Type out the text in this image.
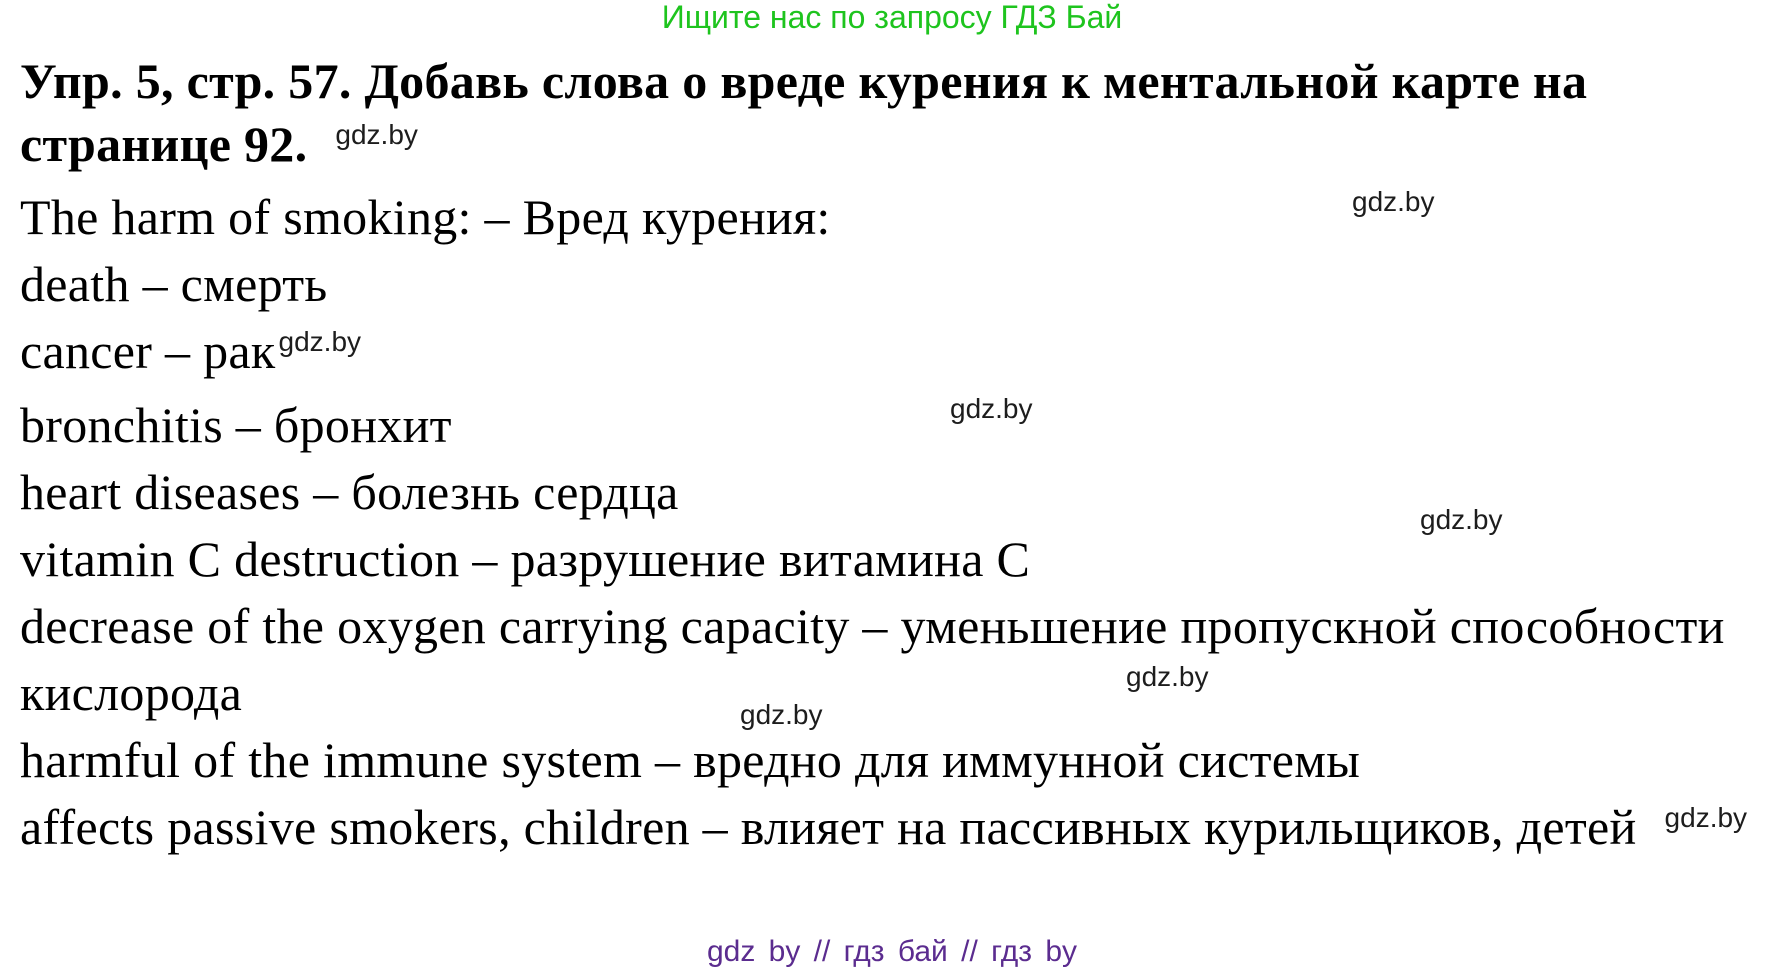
Ищите нас по запросу ГДЗ Бай
Упр. 5, стр. 57. Добавь слова о вреде курения к ментальной карте на странице 92. $^{gdz.by}$

The harm of smoking: – Вред курения:

death – смерть

cancer – рак $^{gdz.by}$

bronchitis – бронхит

heart diseases – болезнь сердца

vitamin C destruction – разрушение витамина C

decrease of the oxygen carrying capacity – уменьшение пропускной способности кислорода

harmful of the immune system – вредно для иммунной системы

affects passive smokers, children – влияет на пассивных курильщиков, детей $^{gdz.by}$

gdz.by
gdz.by
gdz.by
gdz.by
gdz.by
gdz by // гдз бай // гдз by
